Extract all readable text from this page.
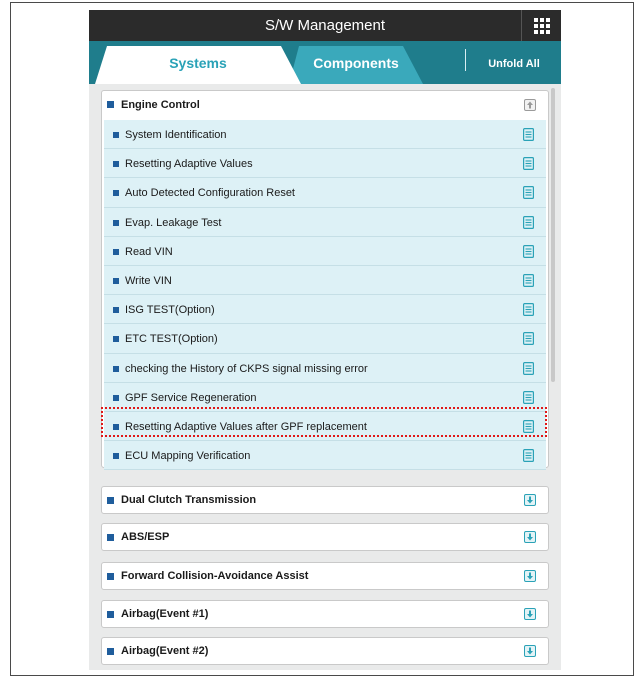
S/W Management
Components
Systems	Unfold All
Engine Control
System Identification
Resetting Adaptive Values
Auto Detected Configuration Reset
Evap. Leakage Test
Read VIN
Write VIN
ISG TEST(Option)
ETC TEST(Option)
checking the History of CKPS signal missing error
GPF Service Regeneration
Resetting Adaptive Values after GPF replacement
ECU Mapping Verification
Dual Clutch Transmission
ABS/ESP
Forward Collision-Avoidance Assist
Airbag(Event #1)
Airbag(Event #2)
